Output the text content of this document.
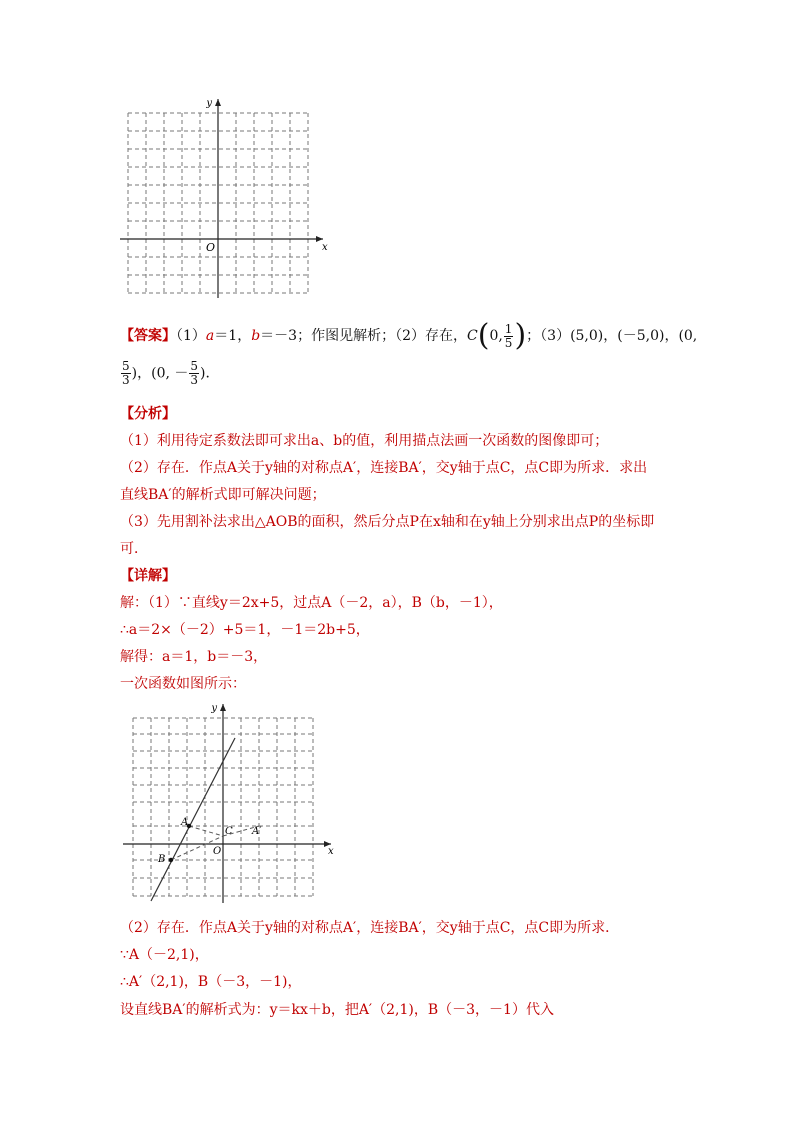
y
x
O
【答案】（1）a＝1，b＝－3；作图见解析；（2）存在，C(0, $\frac{1}{5}$ )；（3）(5,0)，(－5,0)，(0,
$\frac{5}{3}$ )，(0, － $\frac{5}{3}$ )．
【分析】
（1）利用待定系数法即可求出a、b的值，利用描点法画一次函数的图像即可；
（2）存在．作点A关于y轴的对称点A′，连接BA′，交y轴于点C，点C即为所求．求出
直线BA′的解析式即可解决问题；
（3）先用割补法求出△AOB的面积，然后分点P在x轴和在y轴上分别求出点P的坐标即
可．
【详解】
解：（1）∵直线y＝2x+5，过点A（－2，a），B（b，－1），
∴a＝2×（－2）+5＝1，－1＝2b+5，
解得：a＝1，b＝－3，
一次函数如图所示：
A
B
C A′
y
x
O
（2）存在．作点A关于y轴的对称点A′，连接BA′，交y轴于点C，点C即为所求．
∵A（－2,1)，
∴A′（2,1)，B（－3，－1)，
设直线BA′的解析式为：y＝kx＋b，把A′（2,1)，B（－3，－1）代入
